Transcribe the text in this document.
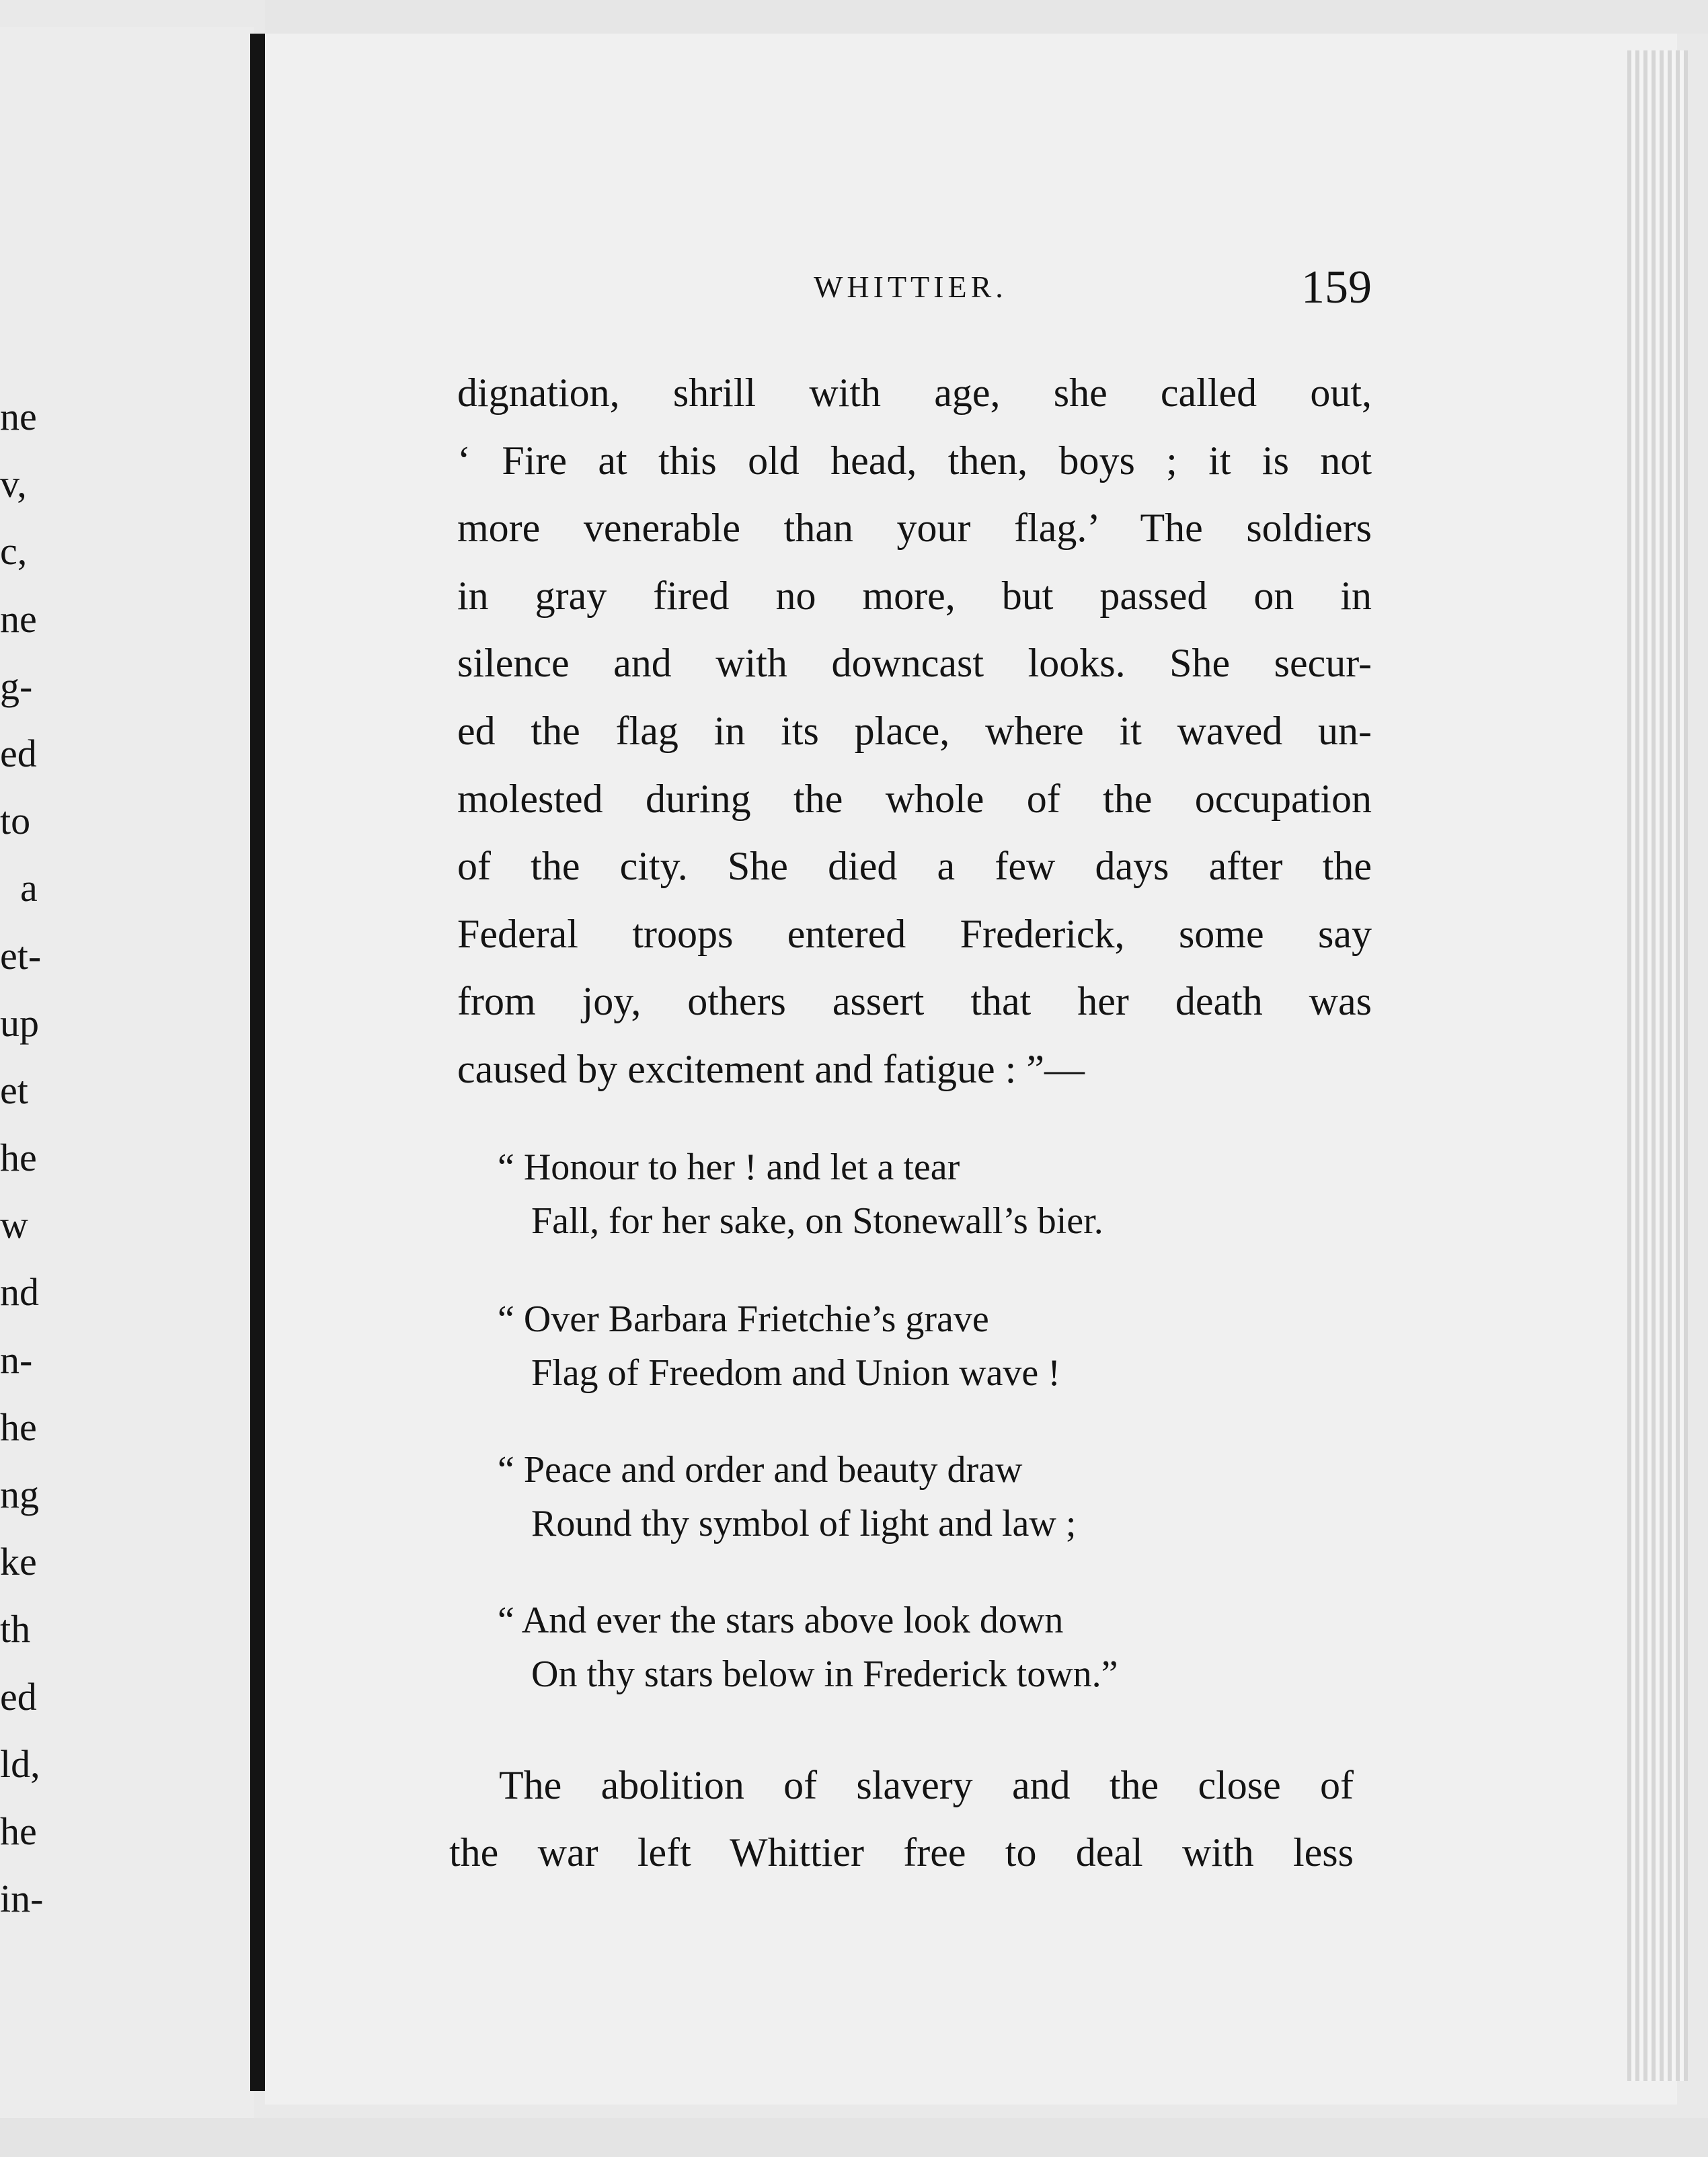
ne
v,
c,
ne
g-
ed
to
a
et-
up
et
he
w
nd
n-
he
ng
ke
th
ed
ld,
he
in-
WHITTIER.	159
dignation, shrill with age, she called out,
‘ Fire at this old head, then, boys ; it is not
more venerable than your flag.’ The soldiers
in gray fired no more, but passed on in
silence and with downcast looks. She secur-
ed the flag in its place, where it waved un-
molested during the whole of the occupation
of the city. She died a few days after the
Federal troops entered Frederick, some say
from joy, others assert that her death was
caused by excitement and fatigue : ”—
“ Honour to her ! and let a tear
Fall, for her sake, on Stonewall’s bier.
“ Over Barbara Frietchie’s grave
Flag of Freedom and Union wave !
“ Peace and order and beauty draw
Round thy symbol of light and law ;
“ And ever the stars above look down
On thy stars below in Frederick town.”
The abolition of slavery and the close of
the war left Whittier free to deal with less
